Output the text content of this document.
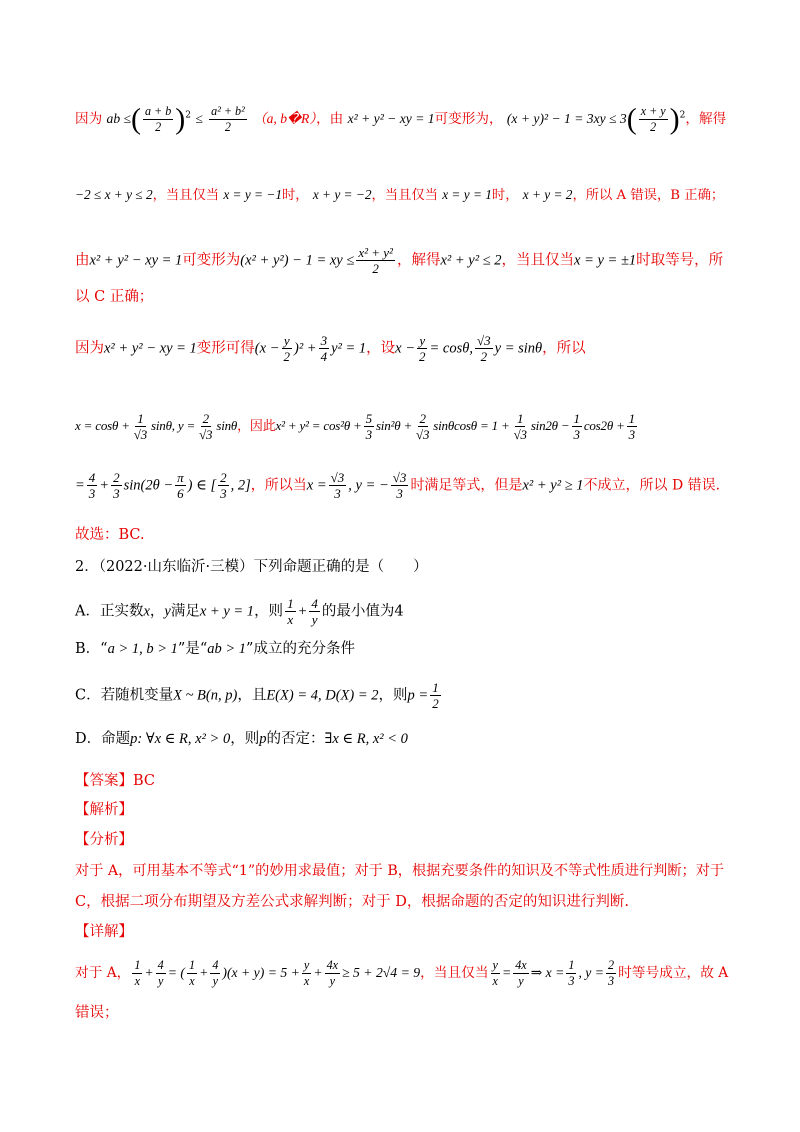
因为 ab ≤( $\frac{a + b}{2} )^2 \le \frac{\text{a² + b²}}{2} (a$, b�R），由 x² + y² − xy = 1可变形为， $(x + y)^2 - 1 = 3xy \le 3( \frac{x + y}{2} )^2$，解得
−2 ≤ x + y ≤ 2，当且仅当 x = y = −1时， x + y = −2，当且仅当 x = y = 1时， x + y = 2，所以 A 错误，B 正确；
由x² + y² − xy = 1可变形为(x² + y²) − 1 = xy ≤ $\frac{\text{x² + y²}}{2}$ ，解得x² + y² ≤ 2，当且仅当x = y = ±1时取等号，所
以 C 正确；
因为x² + y² − xy = 1变形可得$(x - \frac{y}{2} )^2 + \frac{3}{4} y^2 = 1$，设$x - \frac{y}{2} = \cos\theta$, $\frac{√3}{2}$ y = sinθ，所以
$x = \cos\theta + \frac{1}{√3} \sin\theta$, $y = \frac{2}{√3}$ sinθ，因此$x^2 + y^2 = \cos^2\theta + \frac{5}{3} \sin^2\theta + \frac{2}{√3}$ $\sin\theta\cos\theta = 1 + \frac{1}{√3} \sin 2\theta - \frac{1}{3} \cos 2\theta + \frac{1}{3}$
= $\frac{4}{3} + \frac{2}{3} \sin(2\theta - \frac{\pi}{6}$ ) ∈ [ $\frac{2}{3}$ , 2]，所以当$x = \frac{√3}{3}$ , y = − $\frac{√3}{3}$ 时满足等式，但是x² + y² ≥ 1不成立，所以 D 错误.
故选：BC.
2．（2022·山东临沂·三模）下列命题正确的是（　　）
A．正实数x，y满足x + y = 1，则 $\frac{1}{x} + \frac{4}{y}$ 的最小值为4
B．“a > 1, b > 1”是“ab > 1”成立的充分条件
C．若随机变量X ~ B(n, p)，且E(X) = 4, D(X) = 2，则$p = \frac{1}{2}$
D．命题p: ∀x ∈ R, x² > 0，则p的否定：∃x ∈ R, x² < 0
【答案】BC
【解析】
【分析】
对于 A，可用基本不等式“1”的妙用求最值；对于 B，根据充要条件的知识及不等式性质进行判断；对于
C，根据二项分布期望及方差公式求解判断；对于 D，根据命题的否定的知识进行判断.
【详解】
对于 A， $\frac{1}{x} + \frac{4}{y}$ = ( $\frac{1}{x} + \frac{4}{y} )(x + y) = 5 + \frac{y}{x} + \frac{4x}{y} \ge 5 + 2√4 = 9$，当且仅当 $\frac{y}{x} = \frac{4x}{y}$ ⇒ $x = \frac{1}{3}$ , $y = \frac{2}{3}$ 时等号成立，故 A
错误；
